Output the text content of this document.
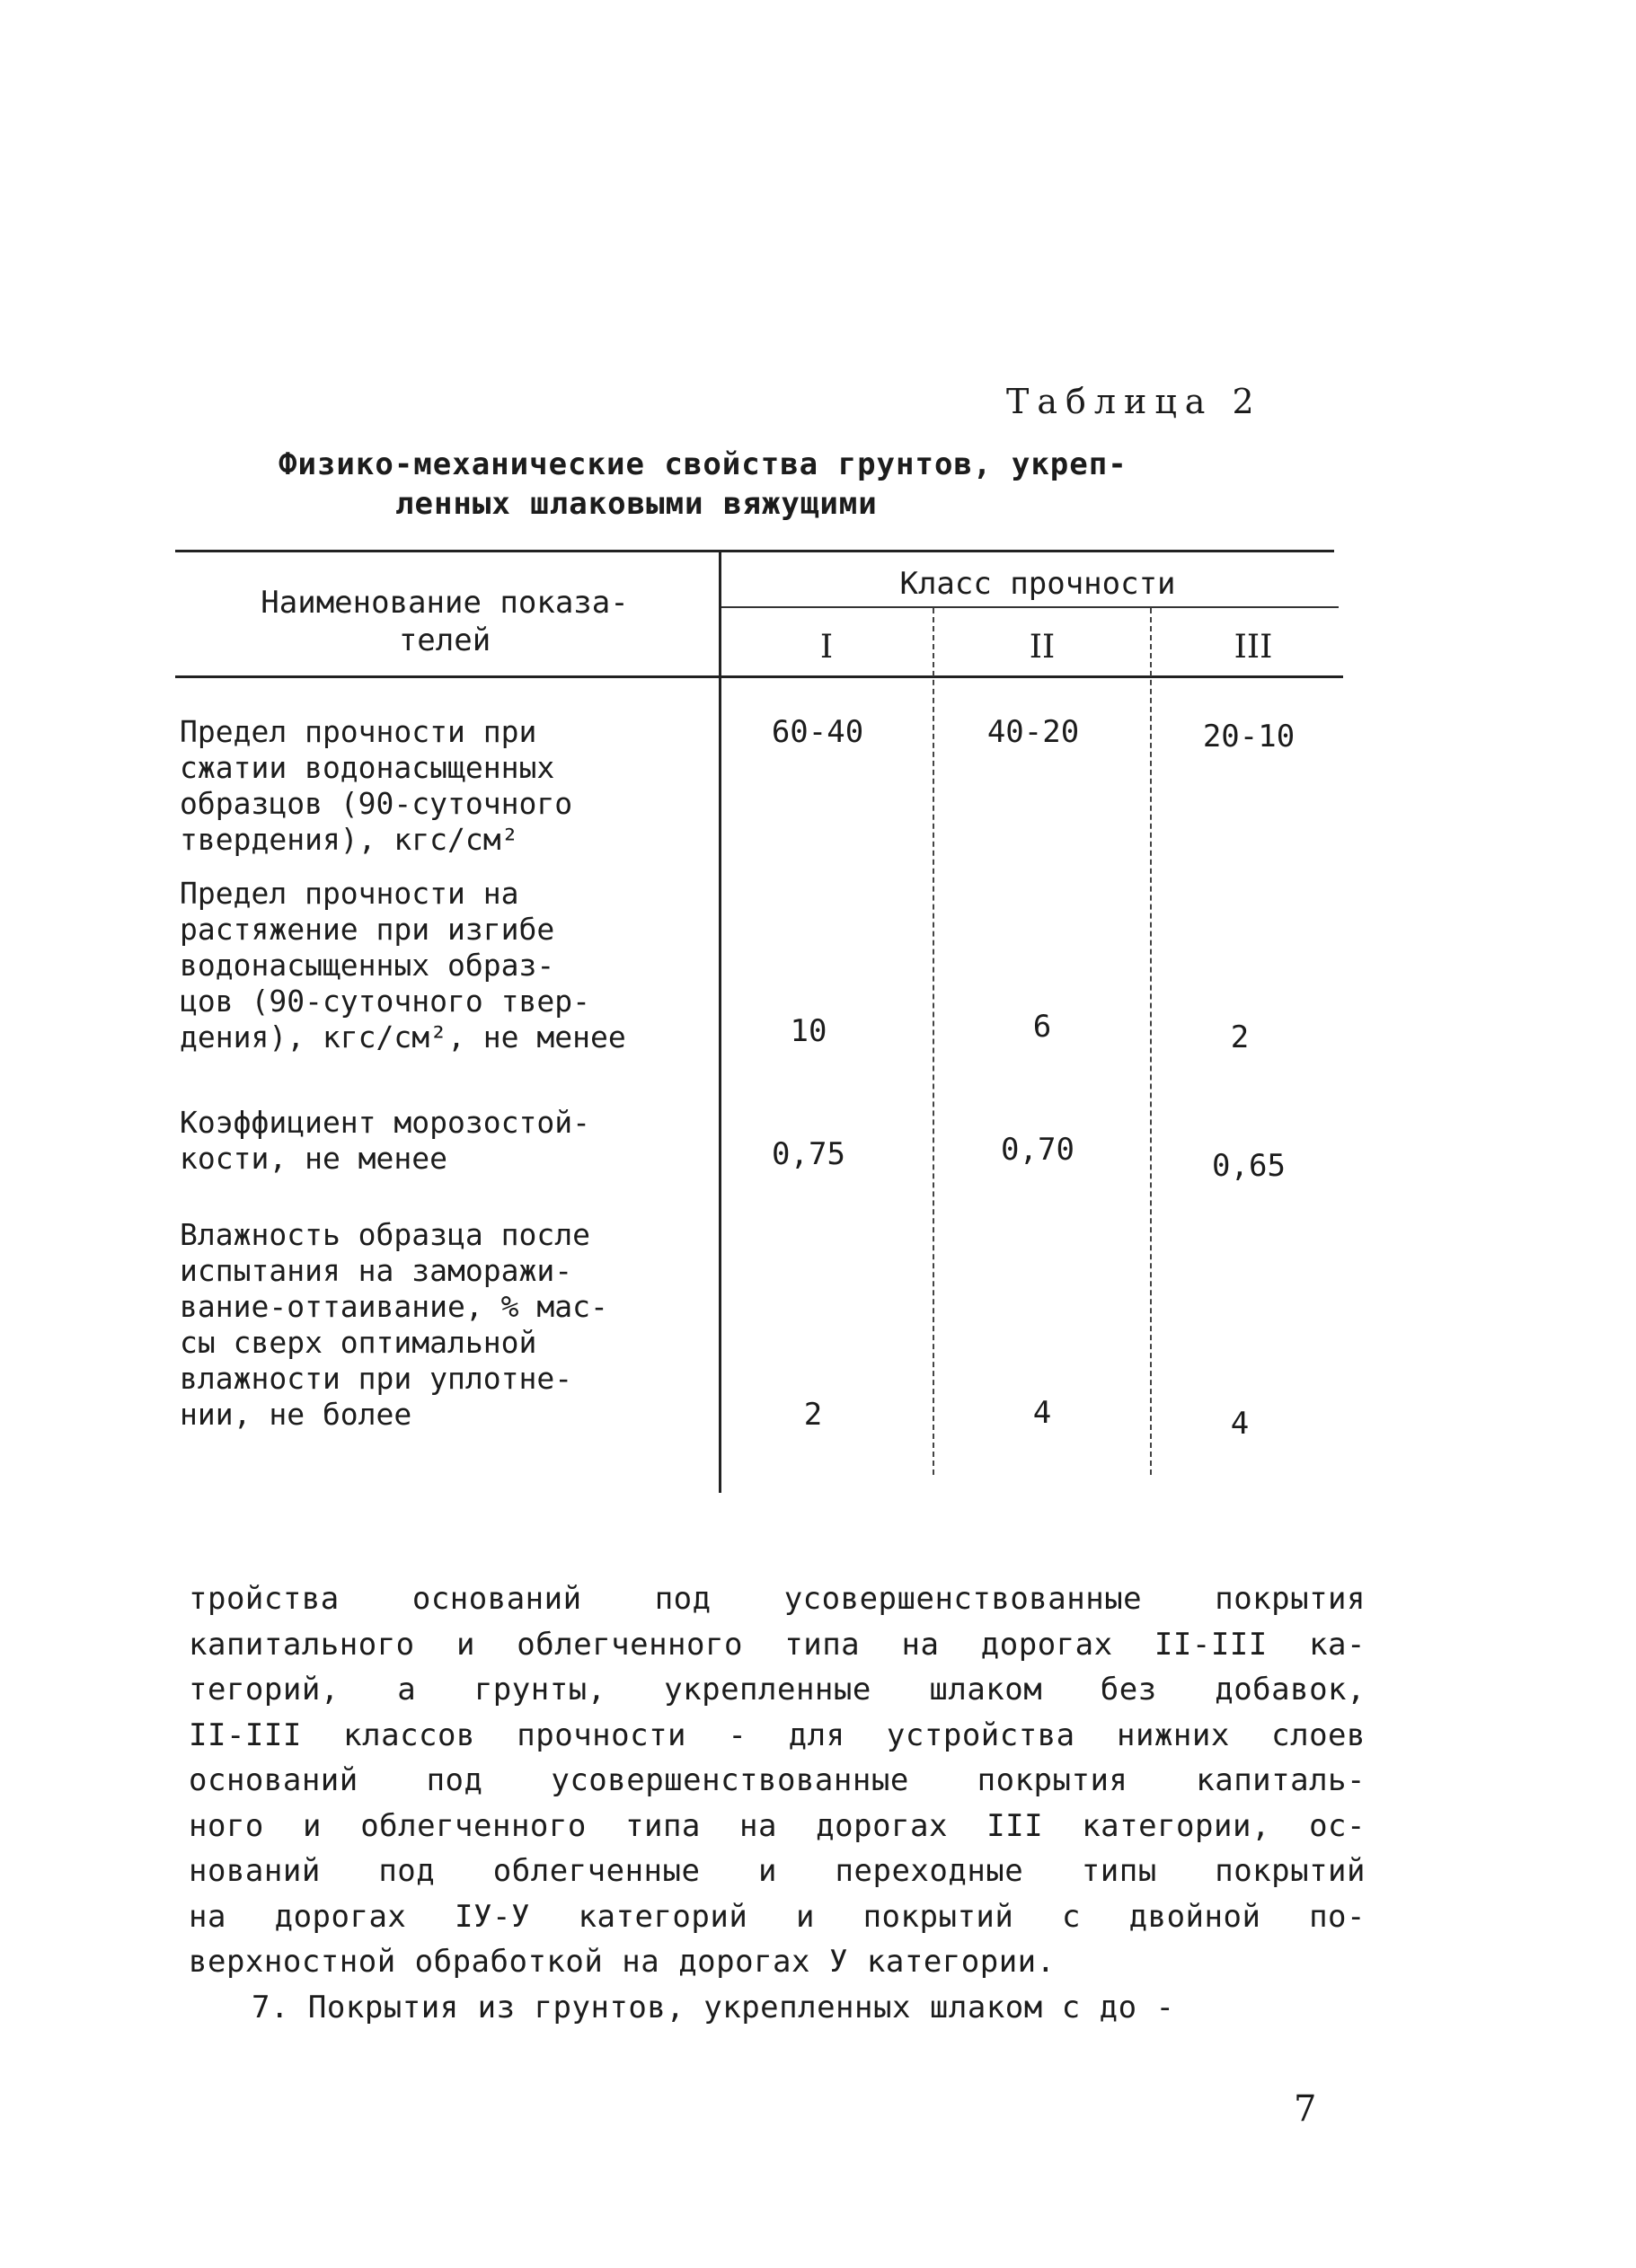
Таблица 2
Физико-механические свойства грунтов, укреп-
ленных шлаковыми вяжущими
Наименование показа-
телей
Класс прочности
I	II	III
Предел прочности при
сжатии водонасыщенных
образцов (90-суточного
твердения), кгс/см²
60-40	40-20	20-10
Предел прочности на
растяжение при изгибе
водонасыщенных образ-
цов (90-суточного твер-
дения), кгс/см², не менее	10	6	2
Коэффициент морозостой-
кости, не менее	0,75	0,70	0,65
Влажность образца после
испытания на заморажи-
вание-оттаивание, % мас-
сы сверх оптимальной
влажности при уплотне-
нии, не более	2	4	4

тройства оснований под усовершенствованные покрытия

капитального и облегченного типа на дорогах II-III ка-

тегорий, а грунты, укрепленные шлаком без добавок,

II-III классов прочности - для устройства нижних слоев

оснований под усовершенствованные покрытия капиталь-

ного и облегченного типа на дорогах III категории, ос-

нований под облегченные и переходные типы покрытий

на дорогах IУ-У категорий и покрытий с двойной по-

верхностной обработкой на дорогах У категории.

7. Покрытия из грунтов, укрепленных шлаком с до -

7
